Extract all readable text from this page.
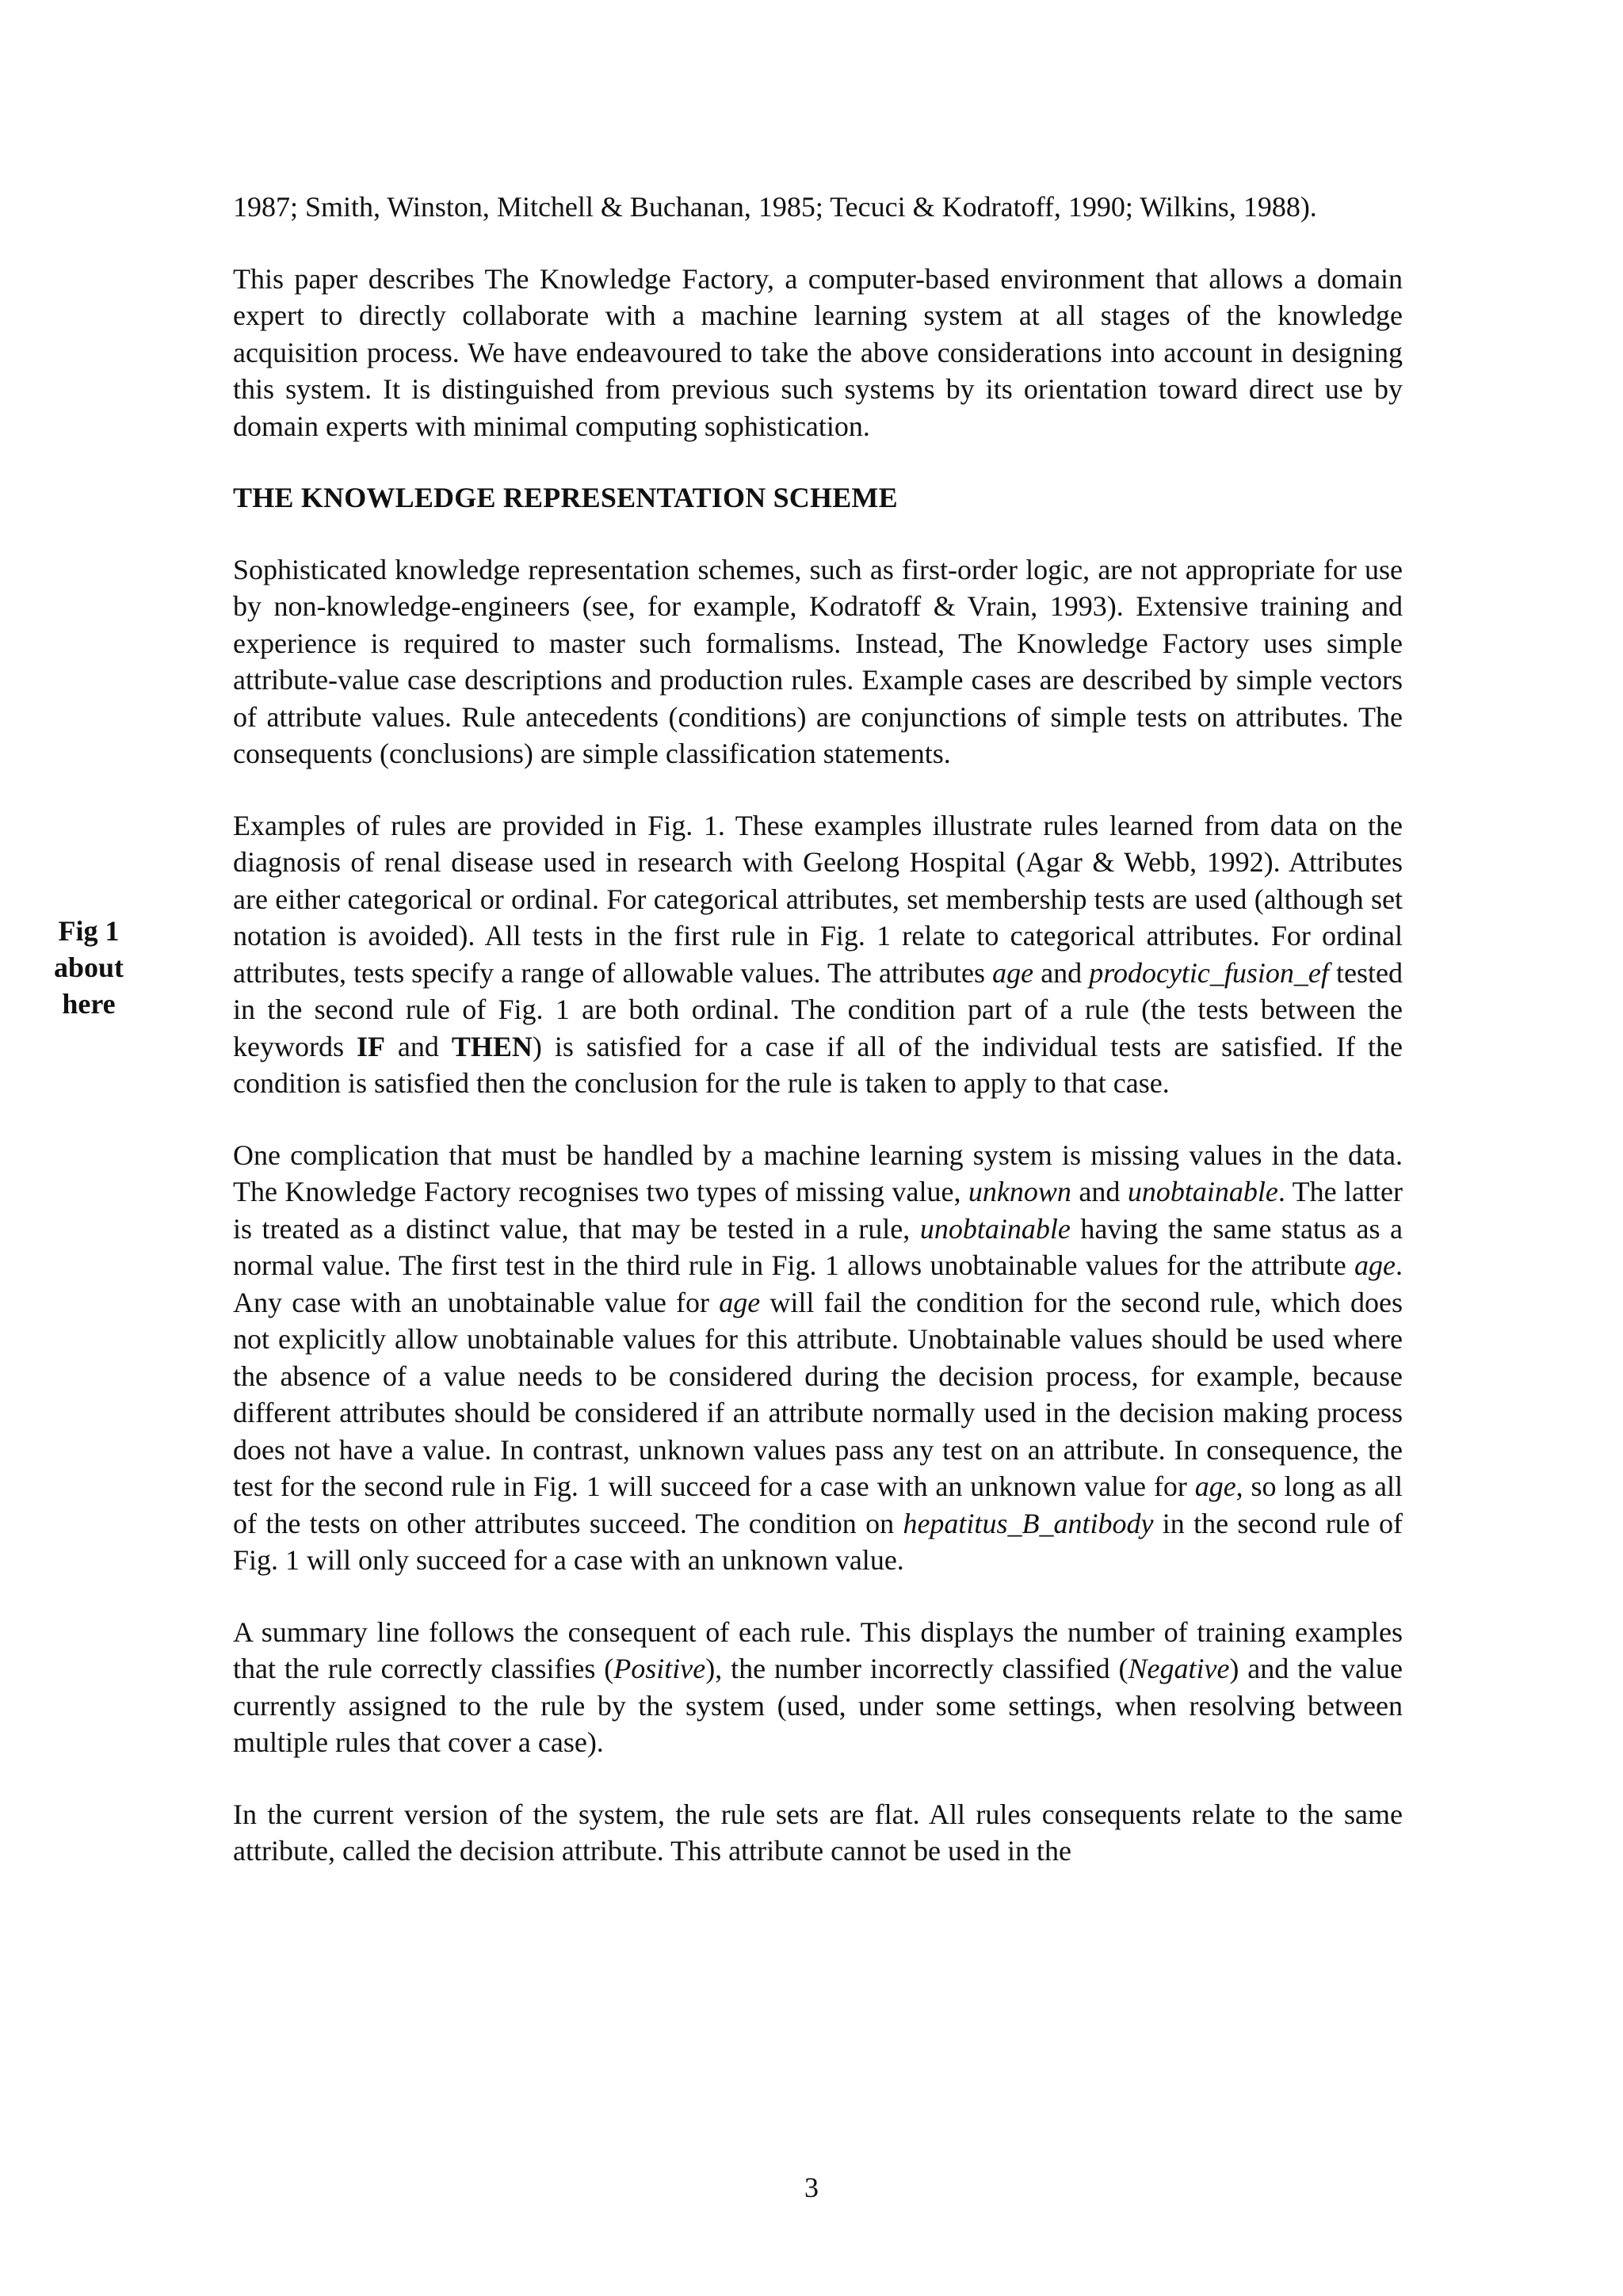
Fig 1
about
here

1987; Smith, Winston, Mitchell & Buchanan, 1985; Tecuci & Kodratoff, 1990; Wilkins, 1988).

This paper describes The Knowledge Factory, a computer-based environment that allows a domain expert to directly collaborate with a machine learning system at all stages of the knowledge acquisition process. We have endeavoured to take the above considerations into account in designing this system. It is distinguished from previous such systems by its orientation toward direct use by domain experts with minimal computing sophistication.

THE KNOWLEDGE REPRESENTATION SCHEME

Sophisticated knowledge representation schemes, such as first-order logic, are not appropriate for use by non-knowledge-engineers (see, for example, Kodratoff & Vrain, 1993). Extensive training and experience is required to master such formalisms. Instead, The Knowledge Factory uses simple attribute-value case descriptions and production rules. Example cases are described by simple vectors of attribute values. Rule antecedents (conditions) are conjunctions of simple tests on attributes. The consequents (conclusions) are simple classification statements.

Examples of rules are provided in Fig. 1. These examples illustrate rules learned from data on the diagnosis of renal disease used in research with Geelong Hospital (Agar & Webb, 1992). Attributes are either categorical or ordinal. For categorical attributes, set membership tests are used (although set notation is avoided). All tests in the first rule in Fig. 1 relate to categorical attributes. For ordinal attributes, tests specify a range of allowable values. The attributes age and prodocytic_fusion_ef tested in the second rule of Fig. 1 are both ordinal. The condition part of a rule (the tests between the keywords IF and THEN) is satisfied for a case if all of the individual tests are satisfied. If the condition is satisfied then the conclusion for the rule is taken to apply to that case.

One complication that must be handled by a machine learning system is missing values in the data. The Knowledge Factory recognises two types of missing value, unknown and unobtainable. The latter is treated as a distinct value, that may be tested in a rule, unobtainable having the same status as a normal value. The first test in the third rule in Fig. 1 allows unobtainable values for the attribute age. Any case with an unobtainable value for age will fail the condition for the second rule, which does not explicitly allow unobtainable values for this attribute. Unobtainable values should be used where the absence of a value needs to be considered during the decision process, for example, because different attributes should be considered if an attribute normally used in the decision making process does not have a value. In contrast, unknown values pass any test on an attribute. In consequence, the test for the second rule in Fig. 1 will succeed for a case with an unknown value for age, so long as all of the tests on other attributes succeed. The condition on hepatitus_B_antibody in the second rule of Fig. 1 will only succeed for a case with an unknown value.

A summary line follows the consequent of each rule. This displays the number of training examples that the rule correctly classifies (Positive), the number incorrectly classified (Negative) and the value currently assigned to the rule by the system (used, under some settings, when resolving between multiple rules that cover a case).

In the current version of the system, the rule sets are flat. All rules consequents relate to the same attribute, called the decision attribute. This attribute cannot be used in the

3
